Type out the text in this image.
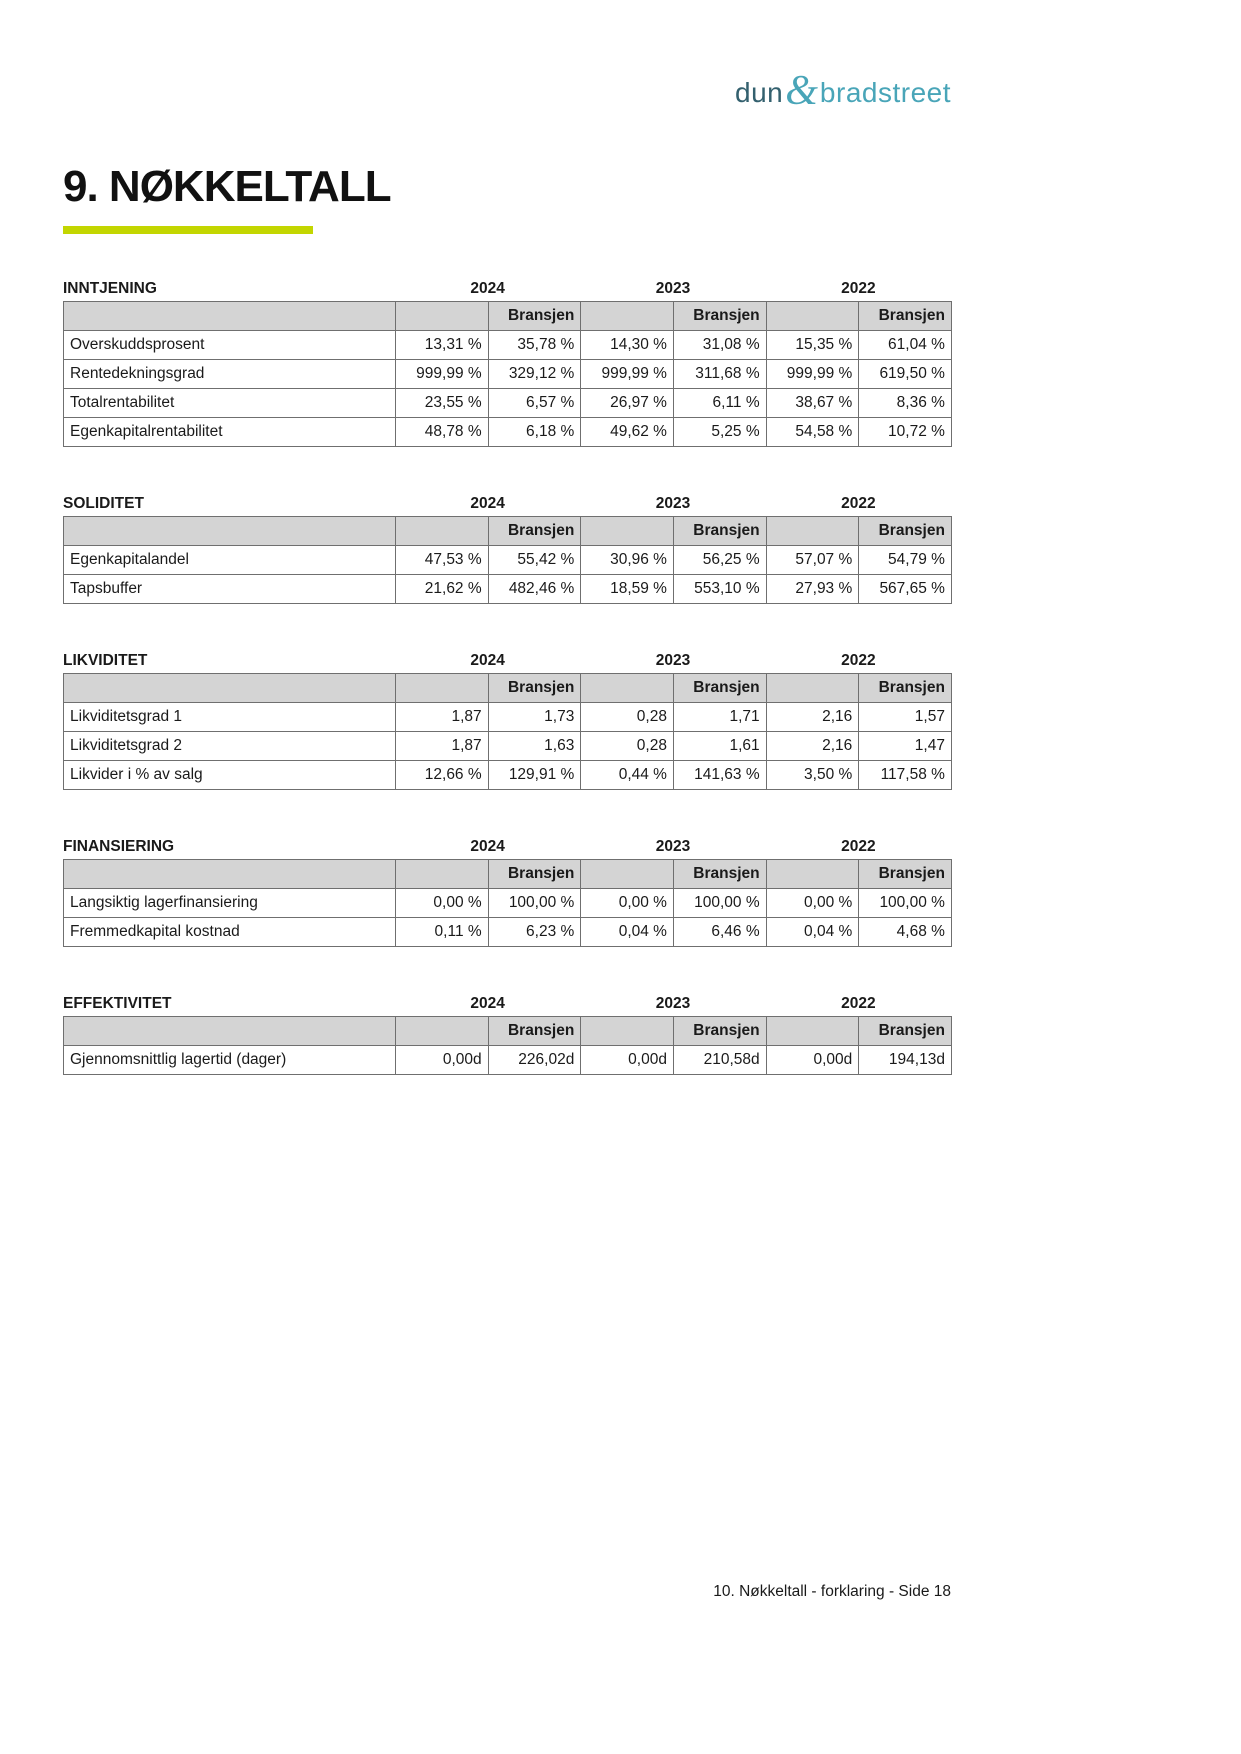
dun & bradstreet
9. NØKKELTALL
INNTJENING	2024	2023	2022
		Bransjen		Bransjen		Bransjen
Overskuddsprosent	13,31 %	35,78 %	14,30 %	31,08 %	15,35 %	61,04 %
Rentedekningsgrad	999,99 %	329,12 %	999,99 %	311,68 %	999,99 %	619,50 %
Totalrentabilitet	23,55 %	6,57 %	26,97 %	6,11 %	38,67 %	8,36 %
Egenkapitalrentabilitet	48,78 %	6,18 %	49,62 %	5,25 %	54,58 %	10,72 %
SOLIDITET	2024	2023	2022
		Bransjen		Bransjen		Bransjen
Egenkapitalandel	47,53 %	55,42 %	30,96 %	56,25 %	57,07 %	54,79 %
Tapsbuffer	21,62 %	482,46 %	18,59 %	553,10 %	27,93 %	567,65 %
LIKVIDITET	2024	2023	2022
		Bransjen		Bransjen		Bransjen
Likviditetsgrad 1	1,87	1,73	0,28	1,71	2,16	1,57
Likviditetsgrad 2	1,87	1,63	0,28	1,61	2,16	1,47
Likvider i % av salg	12,66 %	129,91 %	0,44 %	141,63 %	3,50 %	117,58 %
FINANSIERING	2024	2023	2022
		Bransjen		Bransjen		Bransjen
Langsiktig lagerfinansiering	0,00 %	100,00 %	0,00 %	100,00 %	0,00 %	100,00 %
Fremmedkapital kostnad	0,11 %	6,23 %	0,04 %	6,46 %	0,04 %	4,68 %
EFFEKTIVITET	2024	2023	2022
		Bransjen		Bransjen		Bransjen
Gjennomsnittlig lagertid (dager)	0,00d	226,02d	0,00d	210,58d	0,00d	194,13d
10. Nøkkeltall - forklaring - Side 18
